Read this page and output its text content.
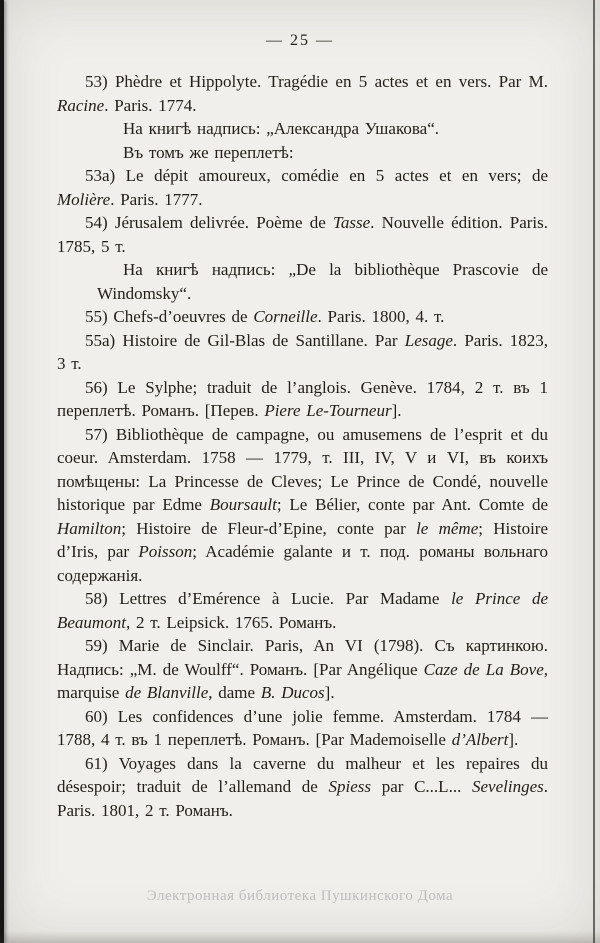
— 25 —

53) Phèdre et Hippolyte. Tragédie en 5 actes et en vers. Par M. Racine. Paris. 1774.

На книгѣ надпись: „Александра Ушакова“.

Въ томъ же переплетѣ:

53a) Le dépit amoureux, comédie en 5 actes et en vers; de Molière. Paris. 1777.

54) Jérusalem delivrée. Poème de Tasse. Nouvelle édition. Paris. 1785, 5 т.

На книгѣ надпись: „De la bibliothèque Prascovie de Windomsky“.

55) Chefs-d’oeuvres de Corneille. Paris. 1800, 4. т.

55a) Histoire de Gil-Blas de Santillane. Par Lesage. Paris. 1823, 3 т.

56) Le Sylphe; traduit de l’anglois. Genève. 1784, 2 т. въ 1 переплетѣ. Романъ. [Перев. Piere Le-Tourneur].

57) Bibliothèque de campagne, ou amusemens de l’esprit et du coeur. Amsterdam. 1758 — 1779, т. III, IV, V и VI, въ коихъ помѣщены: La Princesse de Cleves; Le Prince de Condé, nouvelle historique par Edme Boursault; Le Bélier, conte par Ant. Comte de Hamilton; Histoire de Fleur-d’Epine, conte par le même; Histoire d’Iris, par Poisson; Académie galante и т. под. романы вольнаго содержанія.

58) Lettres d’Emérence à Lucie. Par Madame le Prince de Beaumont, 2 т. Leipsick. 1765. Романъ.

59) Marie de Sinclair. Paris, An VI (1798). Съ картинкою. Надпись: „M. de Woulff“. Романъ. [Par Angélique Caze de La Bove, marquise de Blanville, dame B. Ducos].

60) Les confidences d’une jolie femme. Amsterdam. 1784 — 1788, 4 т. въ 1 переплетѣ. Романъ. [Par Mademoiselle d’Albert].

61) Voyages dans la caverne du malheur et les repaires du désespoir; traduit de l’allemand de Spiess par C...L... Sevelinges. Paris. 1801, 2 т. Романъ.

Электронная библиотека Пушкинского Дома
